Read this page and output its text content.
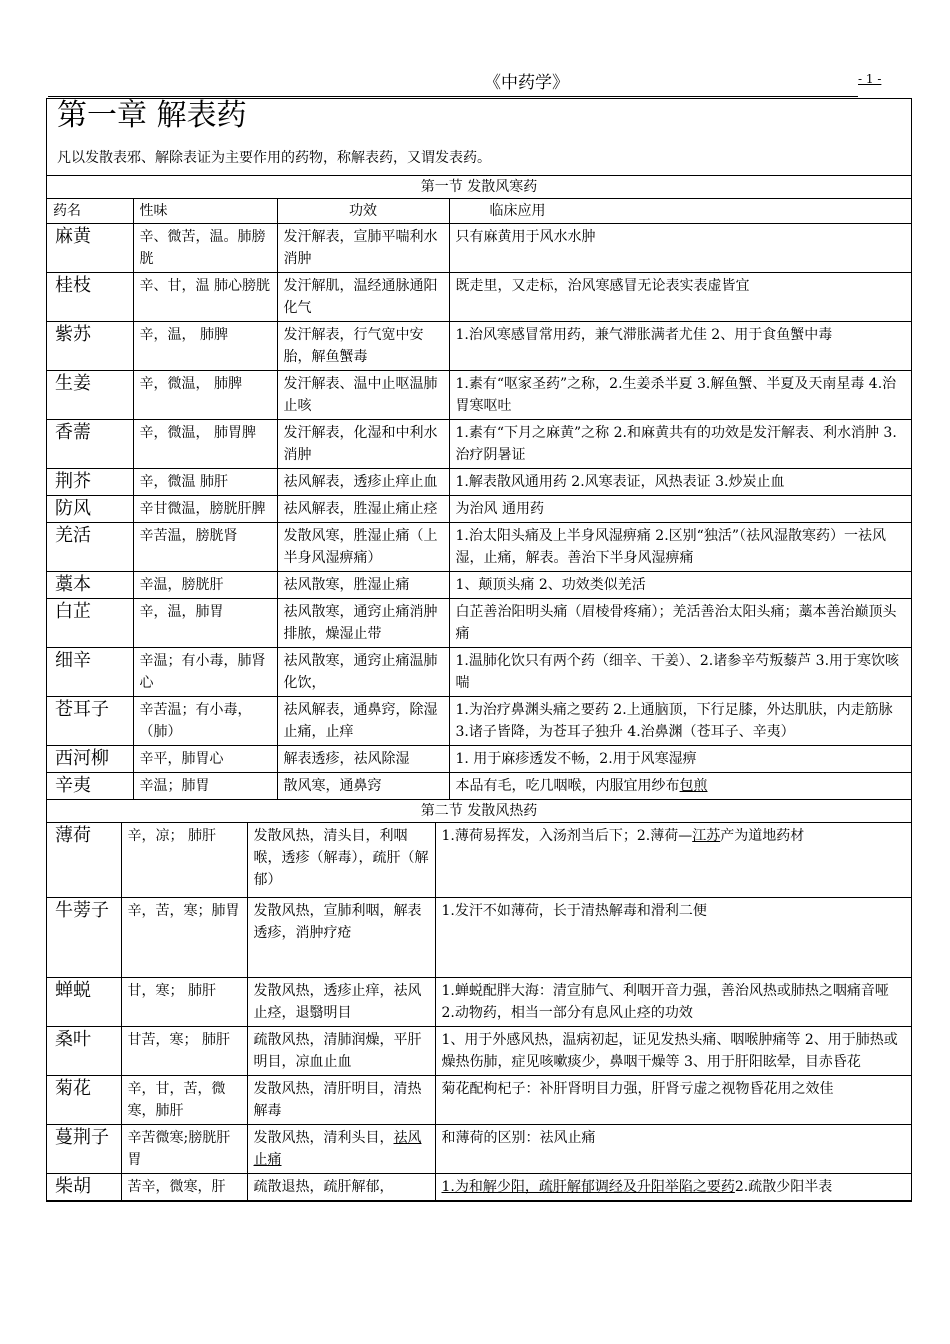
《中药学》	- 1 -
第一章 解表药
凡以发散表邪、解除表证为主要作用的药物，称解表药，又谓发表药。
第一节 发散风寒药			
药名	性味	功效	临床应用
麻黄	辛、微苦，温。肺膀胱	发汗解表，宣肺平喘利水消肿	只有麻黄用于风水水肿
桂枝	辛、甘，温 肺心膀胱	发汗解肌，温经通脉通阳化气	既走里，又走标，治风寒感冒无论表实表虚皆宜
紫苏	辛，温， 肺脾	发汗解表，行气宽中安胎，解鱼蟹毒	1.治风寒感冒常用药，兼气滞胀满者尤佳 2、用于食鱼蟹中毒
生姜	辛，微温， 肺脾	发汗解表、温中止呕温肺止咳	1.素有“呕家圣药”之称，2.生姜杀半夏 3.解鱼蟹、半夏及天南星毒 4.治胃寒呕吐
香薷	辛，微温， 肺胃脾	发汗解表，化湿和中利水消肿	1.素有“下月之麻黄”之称 2.和麻黄共有的功效是发汗解表、利水消肿 3.治疗阴暑证
荆芥	辛，微温 肺肝	祛风解表，透疹止痒止血	1.解表散风通用药 2.风寒表证，风热表证 3.炒炭止血
防风	辛甘微温，膀胱肝脾	祛风解表，胜湿止痛止痉	为治风 通用药
羌活	辛苦温，膀胱肾	发散风寒，胜湿止痛（上半身风湿痹痛）	1.治太阳头痛及上半身风湿痹痛 2.区别“独活”（祛风湿散寒药）一祛风湿，止痛，解表。善治下半身风湿痹痛
藁本	辛温，膀胱肝	祛风散寒，胜湿止痛	1、颠顶头痛 2、功效类似羌活
白芷	辛，温，肺胃	祛风散寒，通窍止痛消肿排脓，燥湿止带	白芷善治阳明头痛（眉棱骨疼痛）；羌活善治太阳头痛；藁本善治巅顶头痛
细辛	辛温；有小毒，肺肾心	祛风散寒，通窍止痛温肺化饮，	1.温肺化饮只有两个药（细辛、干姜）、2.诸参辛芍叛藜芦 3.用于寒饮咳喘
苍耳子	辛苦温；有小毒，（肺）	祛风解表，通鼻窍，除湿止痛，止痒	1.为治疗鼻渊头痛之要药 2.上通脑顶，下行足膝，外达肌肤，内走筋脉 3.诸子皆降，为苍耳子独升 4.治鼻渊（苍耳子、辛夷）
西河柳	辛平，肺胃心	解表透疹，祛风除湿	1. 用于麻疹透发不畅，2.用于风寒湿痹
辛夷	辛温；肺胃	散风寒，通鼻窍	本品有毛，吃几咽喉，内服宜用纱布包煎
第二节 发散风热药			
薄荷	辛，凉； 肺肝	发散风热，清头目，利咽喉，透疹（解毒），疏肝（解郁）	1.薄荷易挥发，入汤剂当后下；2.薄荷—江苏产为道地药材
牛蒡子	辛，苦，寒；肺胃	发散风热，宣肺利咽，解表透疹，消肿疗疮	1.发汗不如薄荷，长于清热解毒和滑利二便
蝉蜕	甘，寒； 肺肝	发散风热，透疹止痒，祛风止痉，退翳明目	1.蝉蜕配胖大海：清宣肺气、利咽开音力强，善治风热或肺热之咽痛音哑 2.动物药，相当一部分有息风止痉的功效
桑叶	甘苦，寒； 肺肝	疏散风热，清肺润燥，平肝明目，凉血止血	1、用于外感风热，温病初起，证见发热头痛、咽喉肿痛等 2、用于肺热或燥热伤肺，症见咳嗽痰少，鼻咽干燥等 3、用于肝阳眩晕，目赤昏花
菊花	辛，甘，苦，微寒，肺肝	发散风热，清肝明目，清热解毒	菊花配枸杞子：补肝肾明目力强，肝肾亏虚之视物昏花用之效佳
蔓荆子	辛苦微寒;膀胱肝胃	发散风热，清利头目，祛风止痛	和薄荷的区别：祛风止痛
柴胡	苦辛，微寒，肝	疏散退热，疏肝解郁，	1.为和解少阳，疏肝解郁调经及升阳举陷之要药2.疏散少阳半表
